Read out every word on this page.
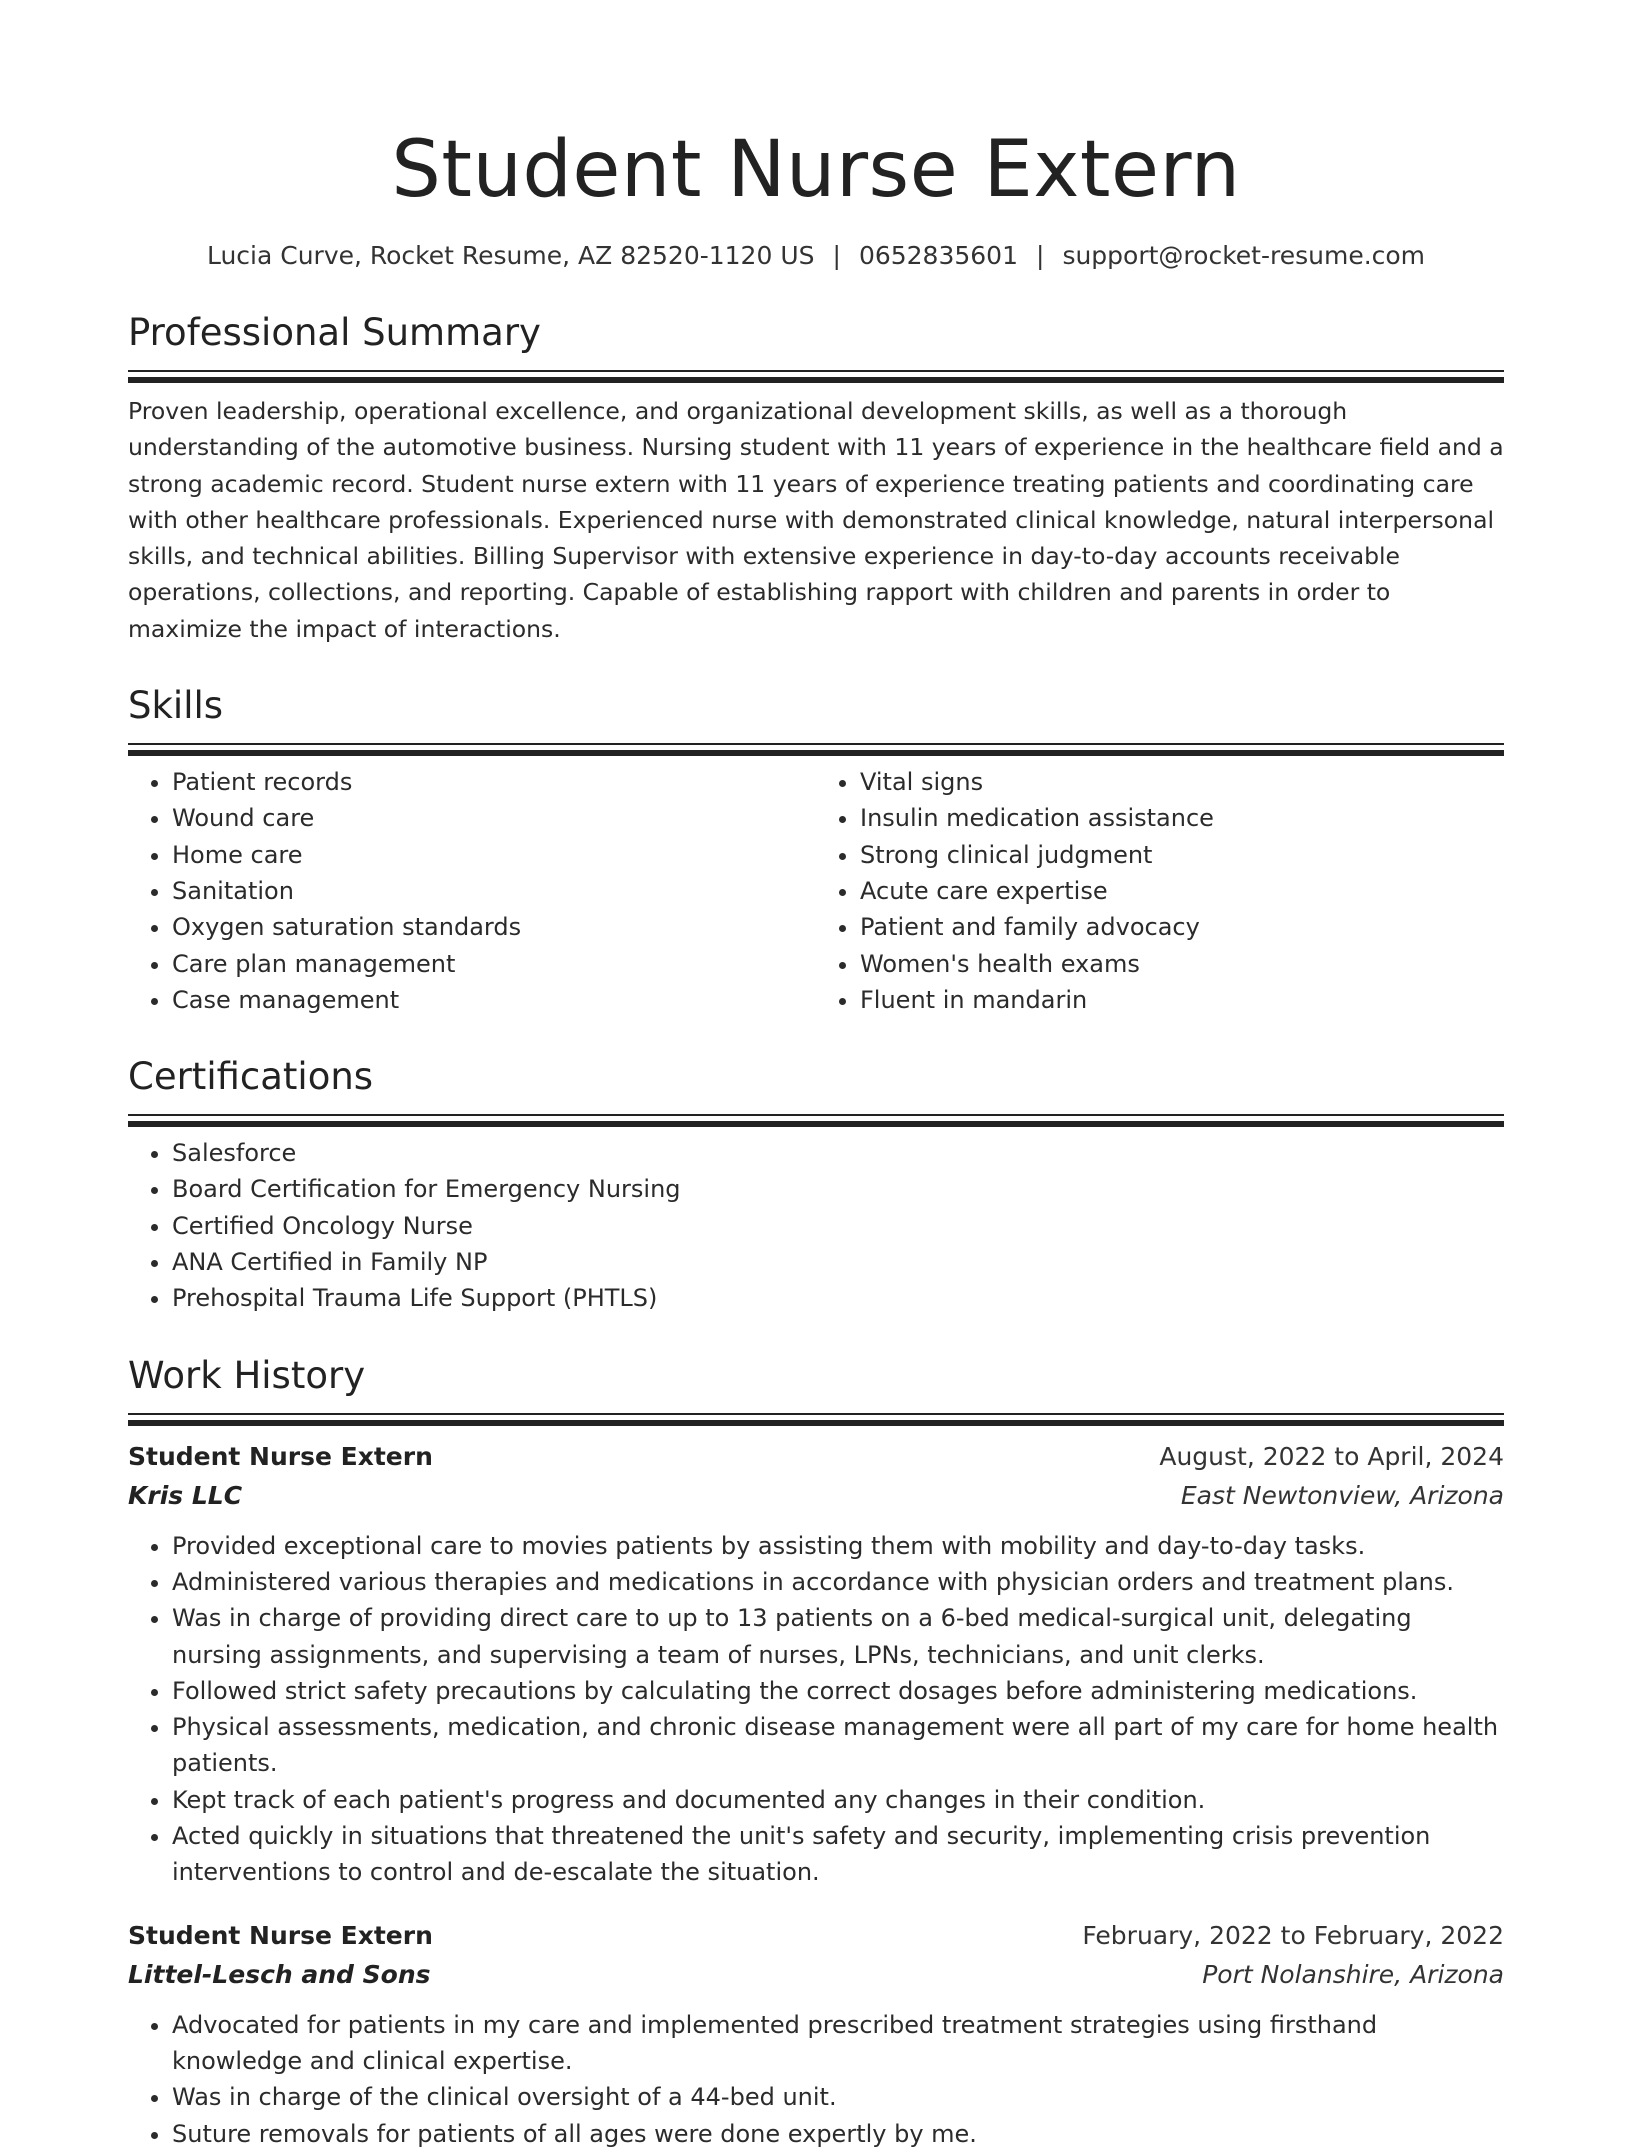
Student Nurse Extern
Lucia Curve, Rocket Resume, AZ 82520-1120 US | 0652835601 | support@rocket-resume.com
Professional Summary
Proven leadership, operational excellence, and organizational development skills, as well as a thorough understanding of the automotive business. Nursing student with 11 years of experience in the healthcare field and a strong academic record. Student nurse extern with 11 years of experience treating patients and coordinating care with other healthcare professionals. Experienced nurse with demonstrated clinical knowledge, natural interpersonal skills, and technical abilities. Billing Supervisor with extensive experience in day-to-day accounts receivable operations, collections, and reporting. Capable of establishing rapport with children and parents in order to maximize the impact of interactions.
Skills
• Patient records
• Wound care
• Home care
• Sanitation
• Oxygen saturation standards
• Care plan management
• Case management
• Vital signs
• Insulin medication assistance
• Strong clinical judgment
• Acute care expertise
• Patient and family advocacy
• Women's health exams
• Fluent in mandarin
Certifications
• Salesforce
• Board Certification for Emergency Nursing
• Certified Oncology Nurse
• ANA Certified in Family NP
• Prehospital Trauma Life Support (PHTLS)
Work History
Student Nurse Extern	August, 2022 to April, 2024
Kris LLC	East Newtonview, Arizona
• Provided exceptional care to movies patients by assisting them with mobility and day-to-day tasks.
• Administered various therapies and medications in accordance with physician orders and treatment plans.
• Was in charge of providing direct care to up to 13 patients on a 6-bed medical-surgical unit, delegating nursing assignments, and supervising a team of nurses, LPNs, technicians, and unit clerks.
• Followed strict safety precautions by calculating the correct dosages before administering medications.
• Physical assessments, medication, and chronic disease management were all part of my care for home health patients.
• Kept track of each patient's progress and documented any changes in their condition.
• Acted quickly in situations that threatened the unit's safety and security, implementing crisis prevention interventions to control and de-escalate the situation.
Student Nurse Extern	February, 2022 to February, 2022
Littel-Lesch and Sons	Port Nolanshire, Arizona
• Advocated for patients in my care and implemented prescribed treatment strategies using firsthand knowledge and clinical expertise.
• Was in charge of the clinical oversight of a 44-bed unit.
• Suture removals for patients of all ages were done expertly by me.
